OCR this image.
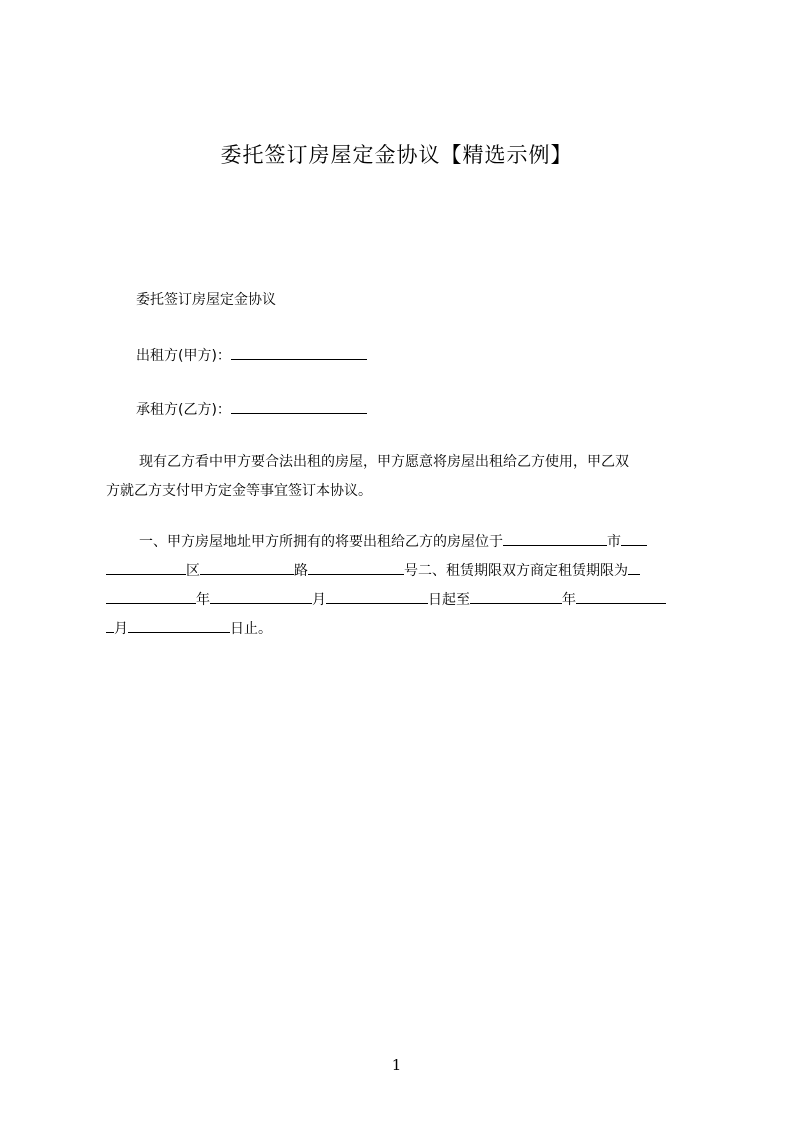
委托签订房屋定金协议【精选示例】
委托签订房屋定金协议
出租方(甲方)：
承租方(乙方)：
现有乙方看中甲方要合法出租的房屋，甲方愿意将房屋出租给乙方使用，甲乙双
方就乙方支付甲方定金等事宜签订本协议。
一、甲方房屋地址甲方所拥有的将要出租给乙方的房屋位于	市
区	路	号二、租赁期限双方商定租赁期限为
年	月	日起至	年
月	日止。
1
